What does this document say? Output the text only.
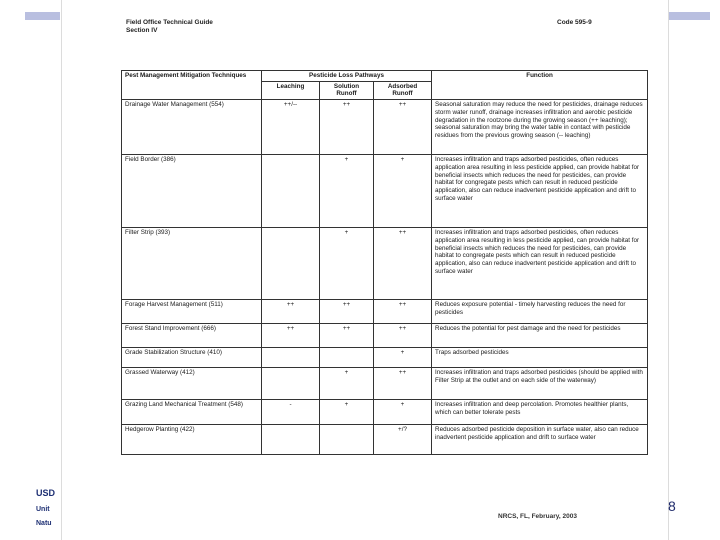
Field Office Technical Guide
Section IV
Code 595-9
Pest Management Mitigation Techniques	Pesticide Loss Pathways			Function
	Leaching	Solution Runoff	Adsorbed Runoff	
Drainage Water Management (554)	++/--	++	++	Seasonal saturation may reduce the need for pesticides, drainage reduces storm water runoff, drainage increases infiltration and aerobic pesticide degradation in the rootzone during the growing season (++ leaching); seasonal saturation may bring the water table in contact with pesticide residues from the previous growing season (-- leaching)
Field Border (386)		+	+	Increases infiltration and traps adsorbed pesticides, often reduces application area resulting in less pesticide applied, can provide habitat for beneficial insects which reduces the need for pesticides, can provide habitat for congregate pests which can result in reduced pesticide application, also can reduce inadvertent pesticide application and drift to surface water
Filter Strip (393)		+	++	Increases infiltration and traps adsorbed pesticides, often reduces application area resulting in less pesticide applied, can provide habitat for beneficial insects which reduces the need for pesticides, can provide habitat to congregate pests which can result in reduced pesticide application, also can reduce inadvertent pesticide application and drift to surface water
Forage Harvest Management (511)	++	++	++	Reduces exposure potential - timely harvesting reduces the need for pesticides
Forest Stand Improvement (666)	++	++	++	Reduces the potential for pest damage and the need for pesticides
Grade Stabilization Structure (410)			+	Traps adsorbed pesticides
Grassed Waterway (412)		+	++	Increases infiltration and traps adsorbed pesticides (should be applied with Filter Strip at the outlet and on each side of the waterway)
Grazing Land Mechanical Treatment (548)	-	+	+	Increases infiltration and deep percolation. Promotes healthier plants, which can better tolerate pests
Hedgerow Planting (422)			+/?	Reduces adsorbed pesticide deposition in surface water, also can reduce inadvertent pesticide application and drift to surface water
NRCS, FL, February, 2003
USD
Unit
Natu
8
